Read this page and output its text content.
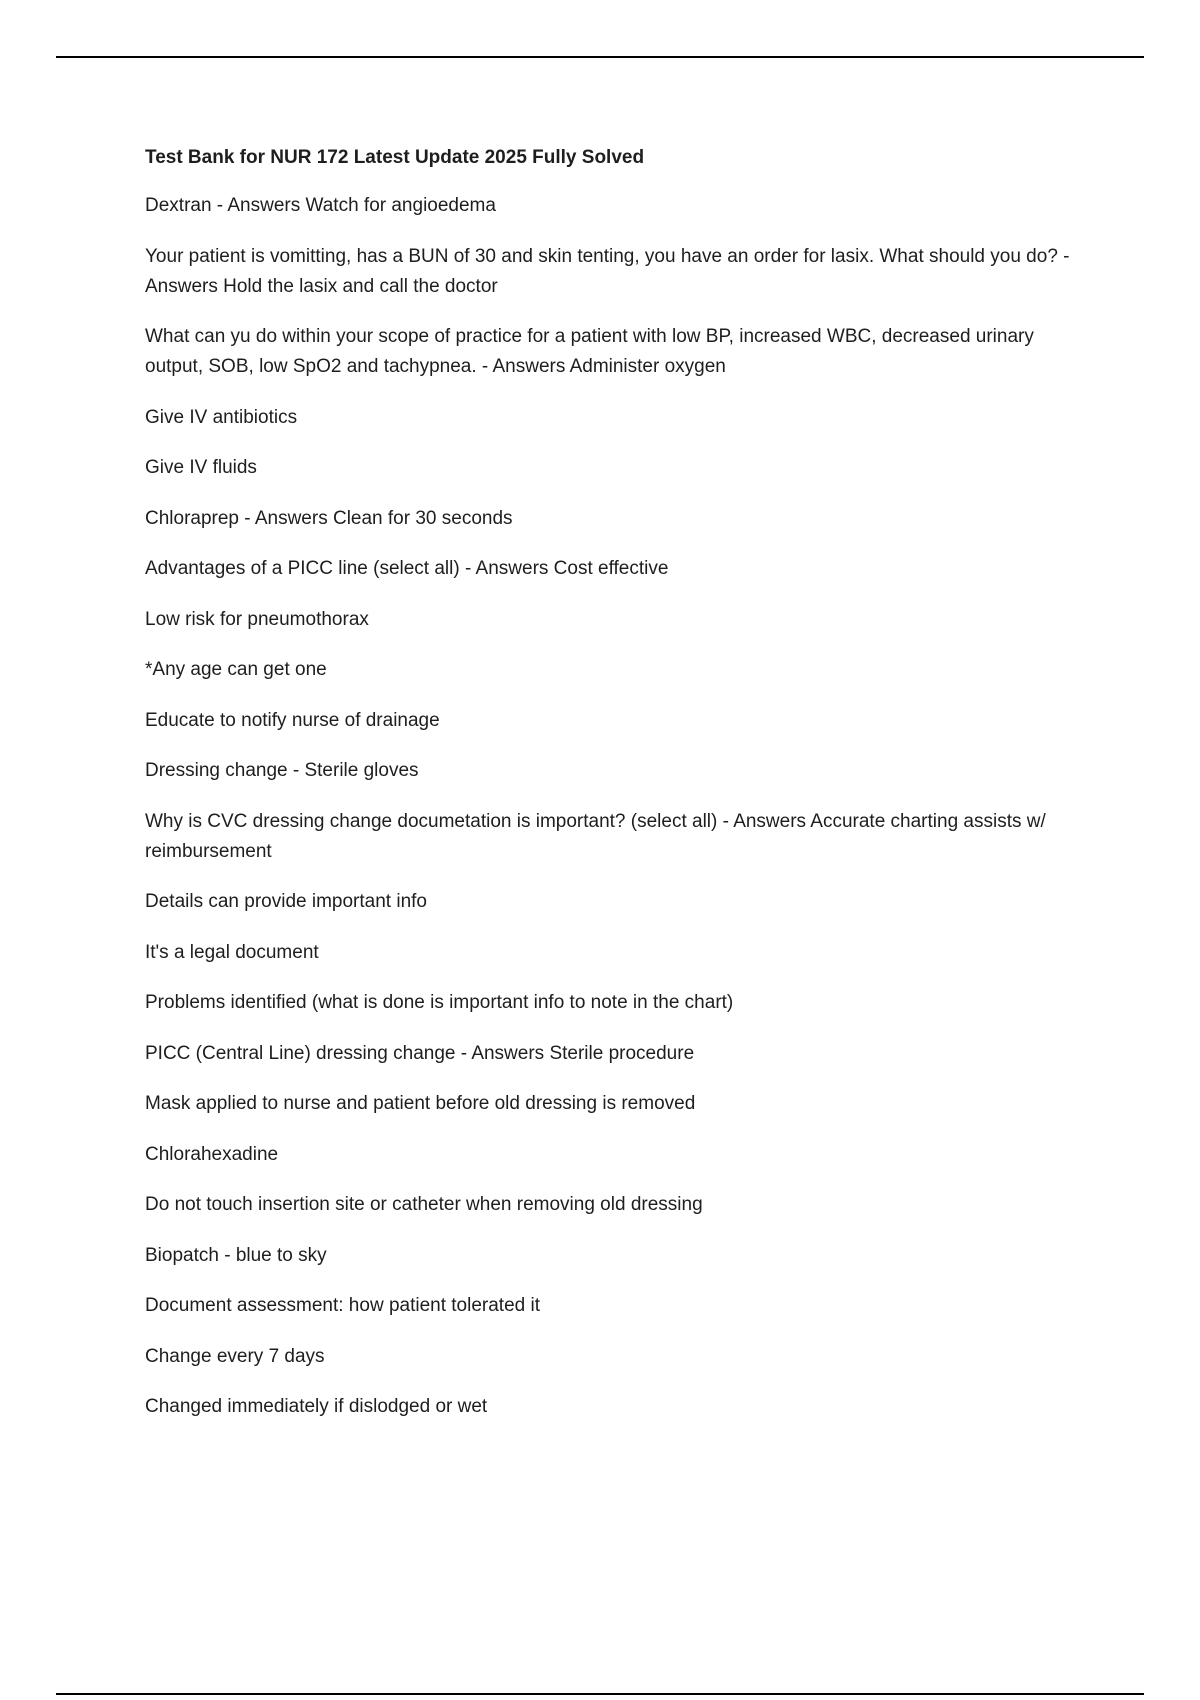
Test Bank for NUR 172 Latest Update 2025 Fully Solved
Dextran - Answers Watch for angioedema
Your patient is vomitting, has a BUN of 30 and skin tenting, you have an order for lasix. What should you do? - Answers Hold the lasix and call the doctor
What can yu do within your scope of practice for a patient with low BP, increased WBC, decreased urinary output, SOB, low SpO2 and tachypnea. - Answers Administer oxygen
Give IV antibiotics
Give IV fluids
Chloraprep - Answers Clean for 30 seconds
Advantages of a PICC line (select all) - Answers Cost effective
Low risk for pneumothorax
*Any age can get one
Educate to notify nurse of drainage
Dressing change - Sterile gloves
Why is CVC dressing change documetation is important? (select all) - Answers Accurate charting assists w/ reimbursement
Details can provide important info
It's a legal document
Problems identified (what is done is important info to note in the chart)
PICC (Central Line) dressing change - Answers Sterile procedure
Mask applied to nurse and patient before old dressing is removed
Chlorahexadine
Do not touch insertion site or catheter when removing old dressing
Biopatch - blue to sky
Document assessment: how patient tolerated it
Change every 7 days
Changed immediately if dislodged or wet
